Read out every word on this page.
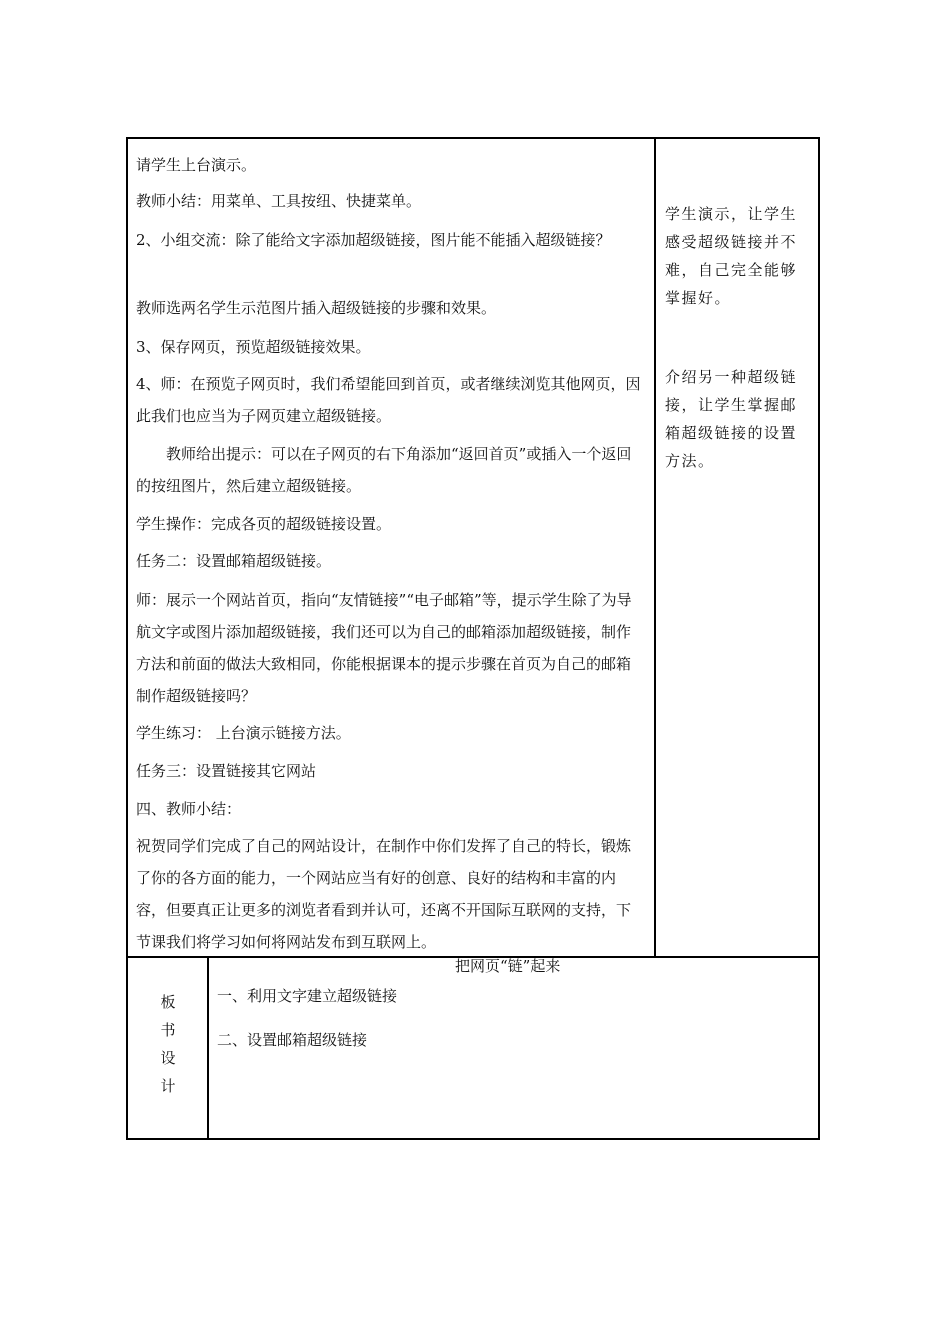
请学生上台演示。

教师小结：用菜单、工具按纽、快捷菜单。

2、小组交流：除了能给文字添加超级链接，图片能不能插入超级链接？

教师选两名学生示范图片插入超级链接的步骤和效果。

3、保存网页，预览超级链接效果。

4、师：在预览子网页时，我们希望能回到首页，或者继续浏览其他网页，因此我们也应当为子网页建立超级链接。

　　教师给出提示：可以在子网页的右下角添加“返回首页”或插入一个返回的按纽图片，然后建立超级链接。

学生操作：完成各页的超级链接设置。

任务二：设置邮箱超级链接。

师：展示一个网站首页，指向“友情链接”“电子邮箱”等，提示学生除了为导航文字或图片添加超级链接，我们还可以为自己的邮箱添加超级链接，制作方法和前面的做法大致相同，你能根据课本的提示步骤在首页为自己的邮箱制作超级链接吗？

学生练习： 上台演示链接方法。

任务三：设置链接其它网站

四、教师小结：

祝贺同学们完成了自己的网站设计，在制作中你们发挥了自己的特长，锻炼了你的各方面的能力，一个网站应当有好的创意、良好的结构和丰富的内容，但要真正让更多的浏览者看到并认可，还离不开国际互联网的支持，下节课我们将学习如何将网站发布到互联网上。

学生演示，让学生感受超级链接并不难，自己完全能够掌握好。

介绍另一种超级链接，让学生掌握邮箱超级链接的设置方法。

板
书
设
计
把网页“链”起来
一、利用文字建立超级链接
二、设置邮箱超级链接
